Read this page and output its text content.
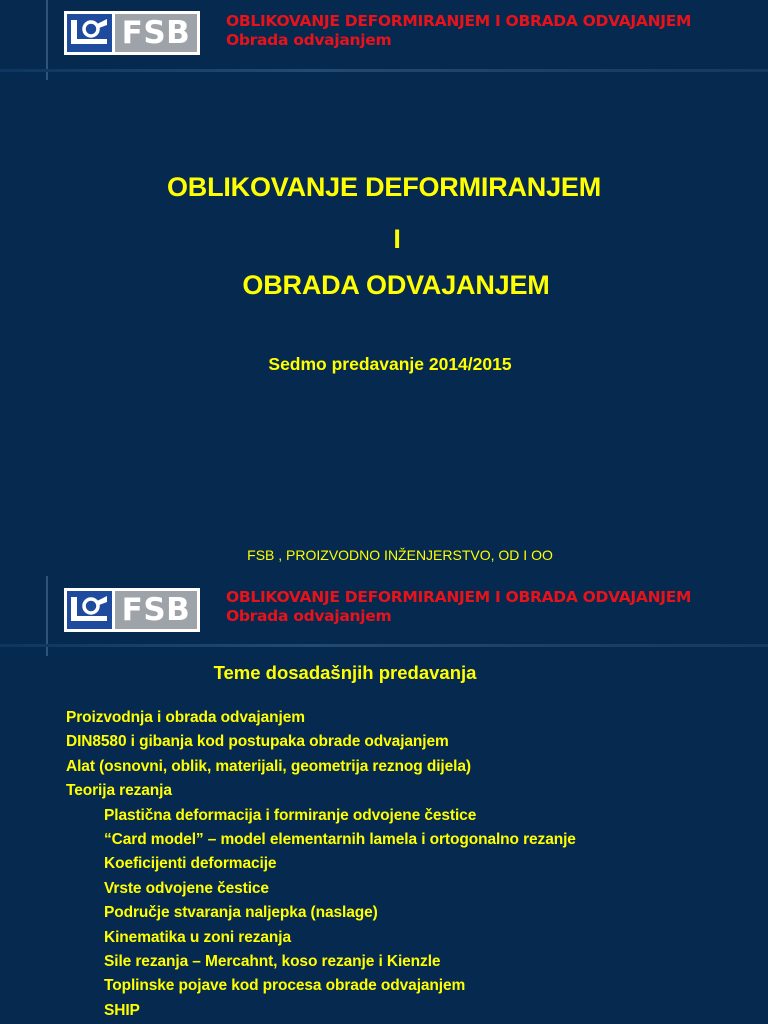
FSB	OBLIKOVANJE DEFORMIRANJEM I OBRADA ODVAJANJEM
Obrada odvajanjem
OBLIKOVANJE DEFORMIRANJEM
I
OBRADA ODVAJANJEM
Sedmo predavanje 2014/2015
FSB , PROIZVODNO INŽENJERSTVO, OD I OO
FSB	OBLIKOVANJE DEFORMIRANJEM I OBRADA ODVAJANJEM
Obrada odvajanjem
Teme dosadašnjih predavanja
Proizvodnja i obrada odvajanjem
DIN8580 i gibanja kod postupaka obrade odvajanjem
Alat (osnovni, oblik, materijali, geometrija reznog dijela)
Teorija rezanja
Plastična deformacija i formiranje odvojene čestice
“Card model” – model elementarnih lamela i ortogonalno rezanje
Koeficijenti deformacije
Vrste odvojene čestice
Područje stvaranja naljepka (naslage)
Kinematika u zoni rezanja
Sile rezanja – Mercahnt, koso rezanje i Kienzle
Toplinske pojave kod procesa obrade odvajanjem
SHIP
